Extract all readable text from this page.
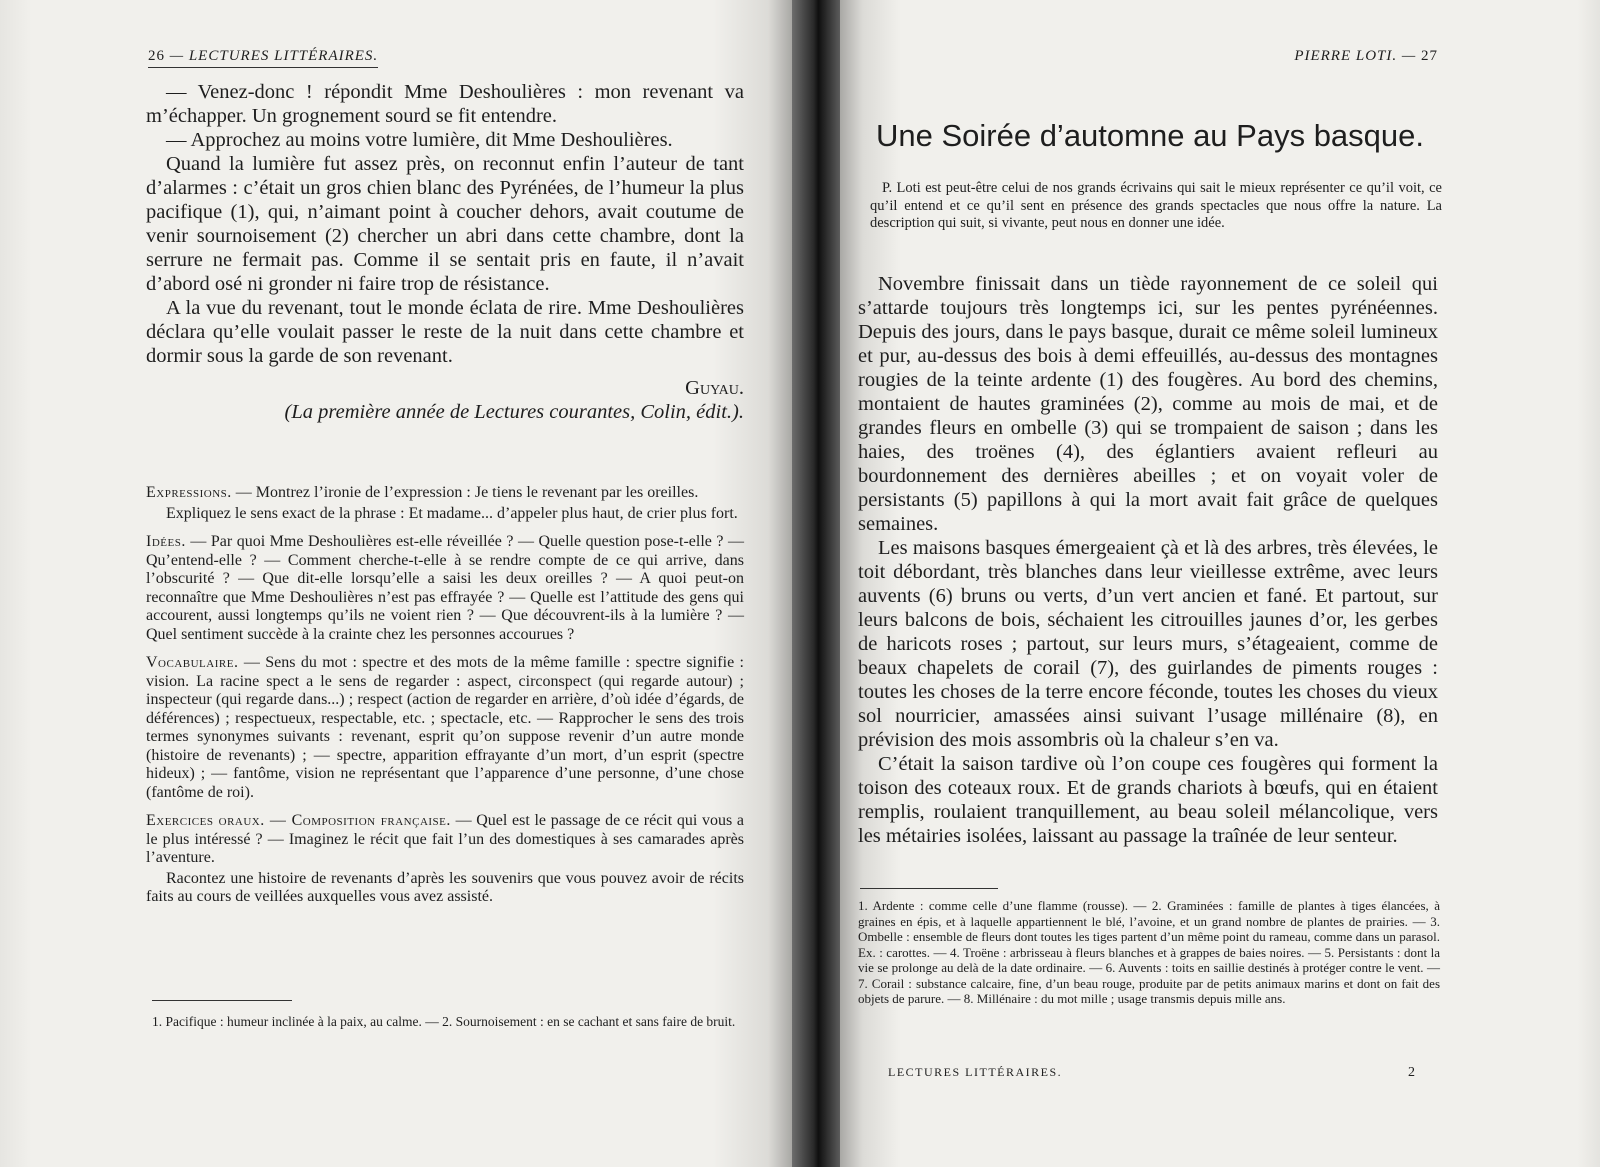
26 — LECTURES LITTÉRAIRES.

— Venez-donc ! répondit Mme Deshoulières : mon revenant va m’échapper. Un grognement sourd se fit entendre.

— Approchez au moins votre lumière, dit Mme Deshoulières.

Quand la lumière fut assez près, on reconnut enfin l’auteur de tant d’alarmes : c’était un gros chien blanc des Pyrénées, de l’humeur la plus pacifique (1), qui, n’aimant point à coucher dehors, avait coutume de venir sournoisement (2) chercher un abri dans cette chambre, dont la serrure ne fermait pas. Comme il se sentait pris en faute, il n’avait d’abord osé ni gronder ni faire trop de résistance.

A la vue du revenant, tout le monde éclata de rire. Mme Deshoulières déclara qu’elle voulait passer le reste de la nuit dans cette chambre et dormir sous la garde de son revenant.

Guyau.
(La première année de Lectures courantes, Colin, édit.).

Expressions. — Montrez l’ironie de l’expression : Je tiens le revenant par les oreilles.

Expliquez le sens exact de la phrase : Et madame... d’appeler plus haut, de crier plus fort.

Idées. — Par quoi Mme Deshoulières est-elle réveillée ? — Quelle question pose-t-elle ? — Qu’entend-elle ? — Comment cherche-t-elle à se rendre compte de ce qui arrive, dans l’obscurité ? — Que dit-elle lorsqu’elle a saisi les deux oreilles ? — A quoi peut-on reconnaître que Mme Deshoulières n’est pas effrayée ? — Quelle est l’attitude des gens qui accourent, aussi longtemps qu’ils ne voient rien ? — Que découvrent-ils à la lumière ? — Quel sentiment succède à la crainte chez les personnes accourues ?

Vocabulaire. — Sens du mot : spectre et des mots de la même famille : spectre signifie : vision. La racine spect a le sens de regarder : aspect, circonspect (qui regarde autour) ; inspecteur (qui regarde dans...) ; respect (action de regarder en arrière, d’où idée d’égards, de déférences) ; respectueux, respectable, etc. ; spectacle, etc. — Rapprocher le sens des trois termes synonymes suivants : revenant, esprit qu’on suppose revenir d’un autre monde (histoire de revenants) ; — spectre, apparition effrayante d’un mort, d’un esprit (spectre hideux) ; — fantôme, vision ne représentant que l’apparence d’une personne, d’une chose (fantôme de roi).

Exercices oraux. — Composition française. — Quel est le passage de ce récit qui vous a le plus intéressé ? — Imaginez le récit que fait l’un des domestiques à ses camarades après l’aventure.

Racontez une histoire de revenants d’après les souvenirs que vous pouvez avoir de récits faits au cours de veillées auxquelles vous avez assisté.

1. Pacifique : humeur inclinée à la paix, au calme. — 2. Sournoisement : en se cachant et sans faire de bruit.
PIERRE LOTI. — 27
Une Soirée d’automne au Pays basque.

P. Loti est peut-être celui de nos grands écrivains qui sait le mieux représenter ce qu’il voit, ce qu’il entend et ce qu’il sent en présence des grands spectacles que nous offre la nature. La description qui suit, si vivante, peut nous en donner une idée.

Novembre finissait dans un tiède rayonnement de ce soleil qui s’attarde toujours très longtemps ici, sur les pentes pyrénéennes. Depuis des jours, dans le pays basque, durait ce même soleil lumineux et pur, au-dessus des bois à demi effeuillés, au-dessus des montagnes rougies de la teinte ardente (1) des fougères. Au bord des chemins, montaient de hautes graminées (2), comme au mois de mai, et de grandes fleurs en ombelle (3) qui se trompaient de saison ; dans les haies, des troënes (4), des églantiers avaient refleuri au bourdonnement des dernières abeilles ; et on voyait voler de persistants (5) papillons à qui la mort avait fait grâce de quelques semaines.

Les maisons basques émergeaient çà et là des arbres, très élevées, le toit débordant, très blanches dans leur vieillesse extrême, avec leurs auvents (6) bruns ou verts, d’un vert ancien et fané. Et partout, sur leurs balcons de bois, séchaient les citrouilles jaunes d’or, les gerbes de haricots roses ; partout, sur leurs murs, s’étageaient, comme de beaux chapelets de corail (7), des guirlandes de piments rouges : toutes les choses de la terre encore féconde, toutes les choses du vieux sol nourricier, amassées ainsi suivant l’usage millénaire (8), en prévision des mois assombris où la chaleur s’en va.

C’était la saison tardive où l’on coupe ces fougères qui forment la toison des coteaux roux. Et de grands chariots à bœufs, qui en étaient remplis, roulaient tranquillement, au beau soleil mélancolique, vers les métairies isolées, laissant au passage la traînée de leur senteur.

1. Ardente : comme celle d’une flamme (rousse). — 2. Graminées : famille de plantes à tiges élancées, à graines en épis, et à laquelle appartiennent le blé, l’avoine, et un grand nombre de plantes de prairies. — 3. Ombelle : ensemble de fleurs dont toutes les tiges partent d’un même point du rameau, comme dans un parasol. Ex. : carottes. — 4. Troëne : arbrisseau à fleurs blanches et à grappes de baies noires. — 5. Persistants : dont la vie se prolonge au delà de la date ordinaire. — 6. Auvents : toits en saillie destinés à protéger contre le vent. — 7. Corail : substance calcaire, fine, d’un beau rouge, produite par de petits animaux marins et dont on fait des objets de parure. — 8. Millénaire : du mot mille ; usage transmis depuis mille ans.
LECTURES LITTÉRAIRES.	2
